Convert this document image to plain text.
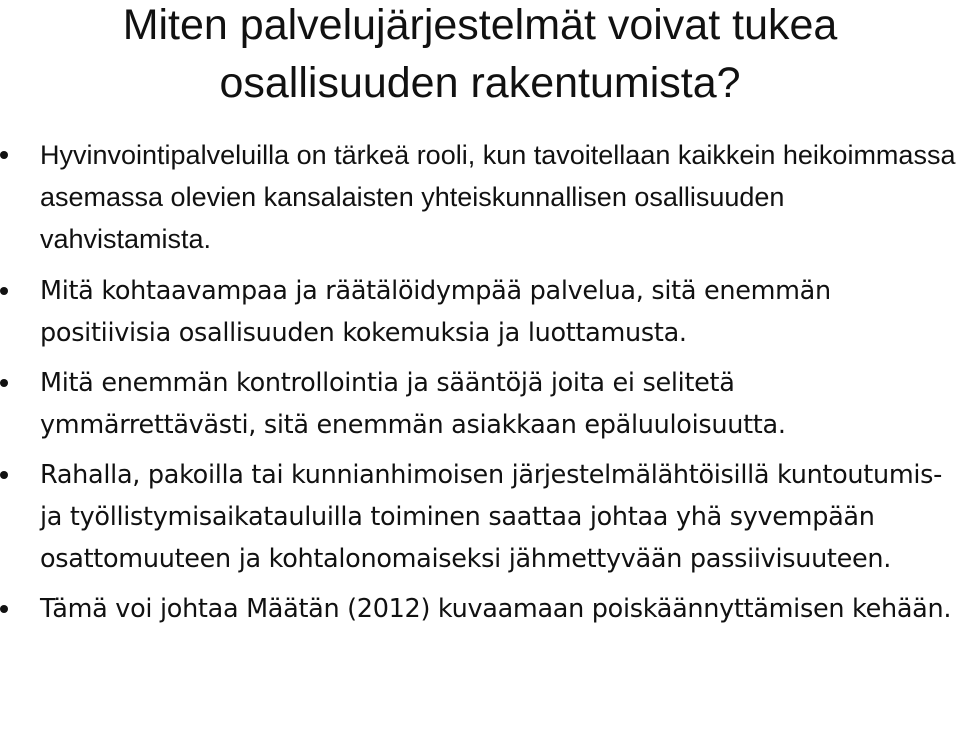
Miten palvelujärjestelmät voivat tukea osallisuuden rakentumista?
Hyvinvointipalveluilla on tärkeä rooli, kun tavoitellaan kaikkein heikoimmassa asemassa olevien kansalaisten yhteiskunnallisen osallisuuden vahvistamista.
Mitä kohtaavampaa ja räätälöidympää palvelua, sitä enemmän positiivisia osallisuuden kokemuksia ja luottamusta.
Mitä enemmän kontrollointia ja sääntöjä joita ei selitetä ymmärrettävästi, sitä enemmän asiakkaan epäluuloisuutta.
Rahalla, pakoilla tai kunnianhimoisen järjestelmälähtöisillä kuntoutumis- ja työllistymisaikatauluilla toiminen saattaa johtaa yhä syvempään osattomuuteen ja kohtalonomaiseksi jähmettyvään passiivisuuteen.
Tämä voi johtaa Määtän (2012) kuvaamaan poiskäännyttämisen kehään.
